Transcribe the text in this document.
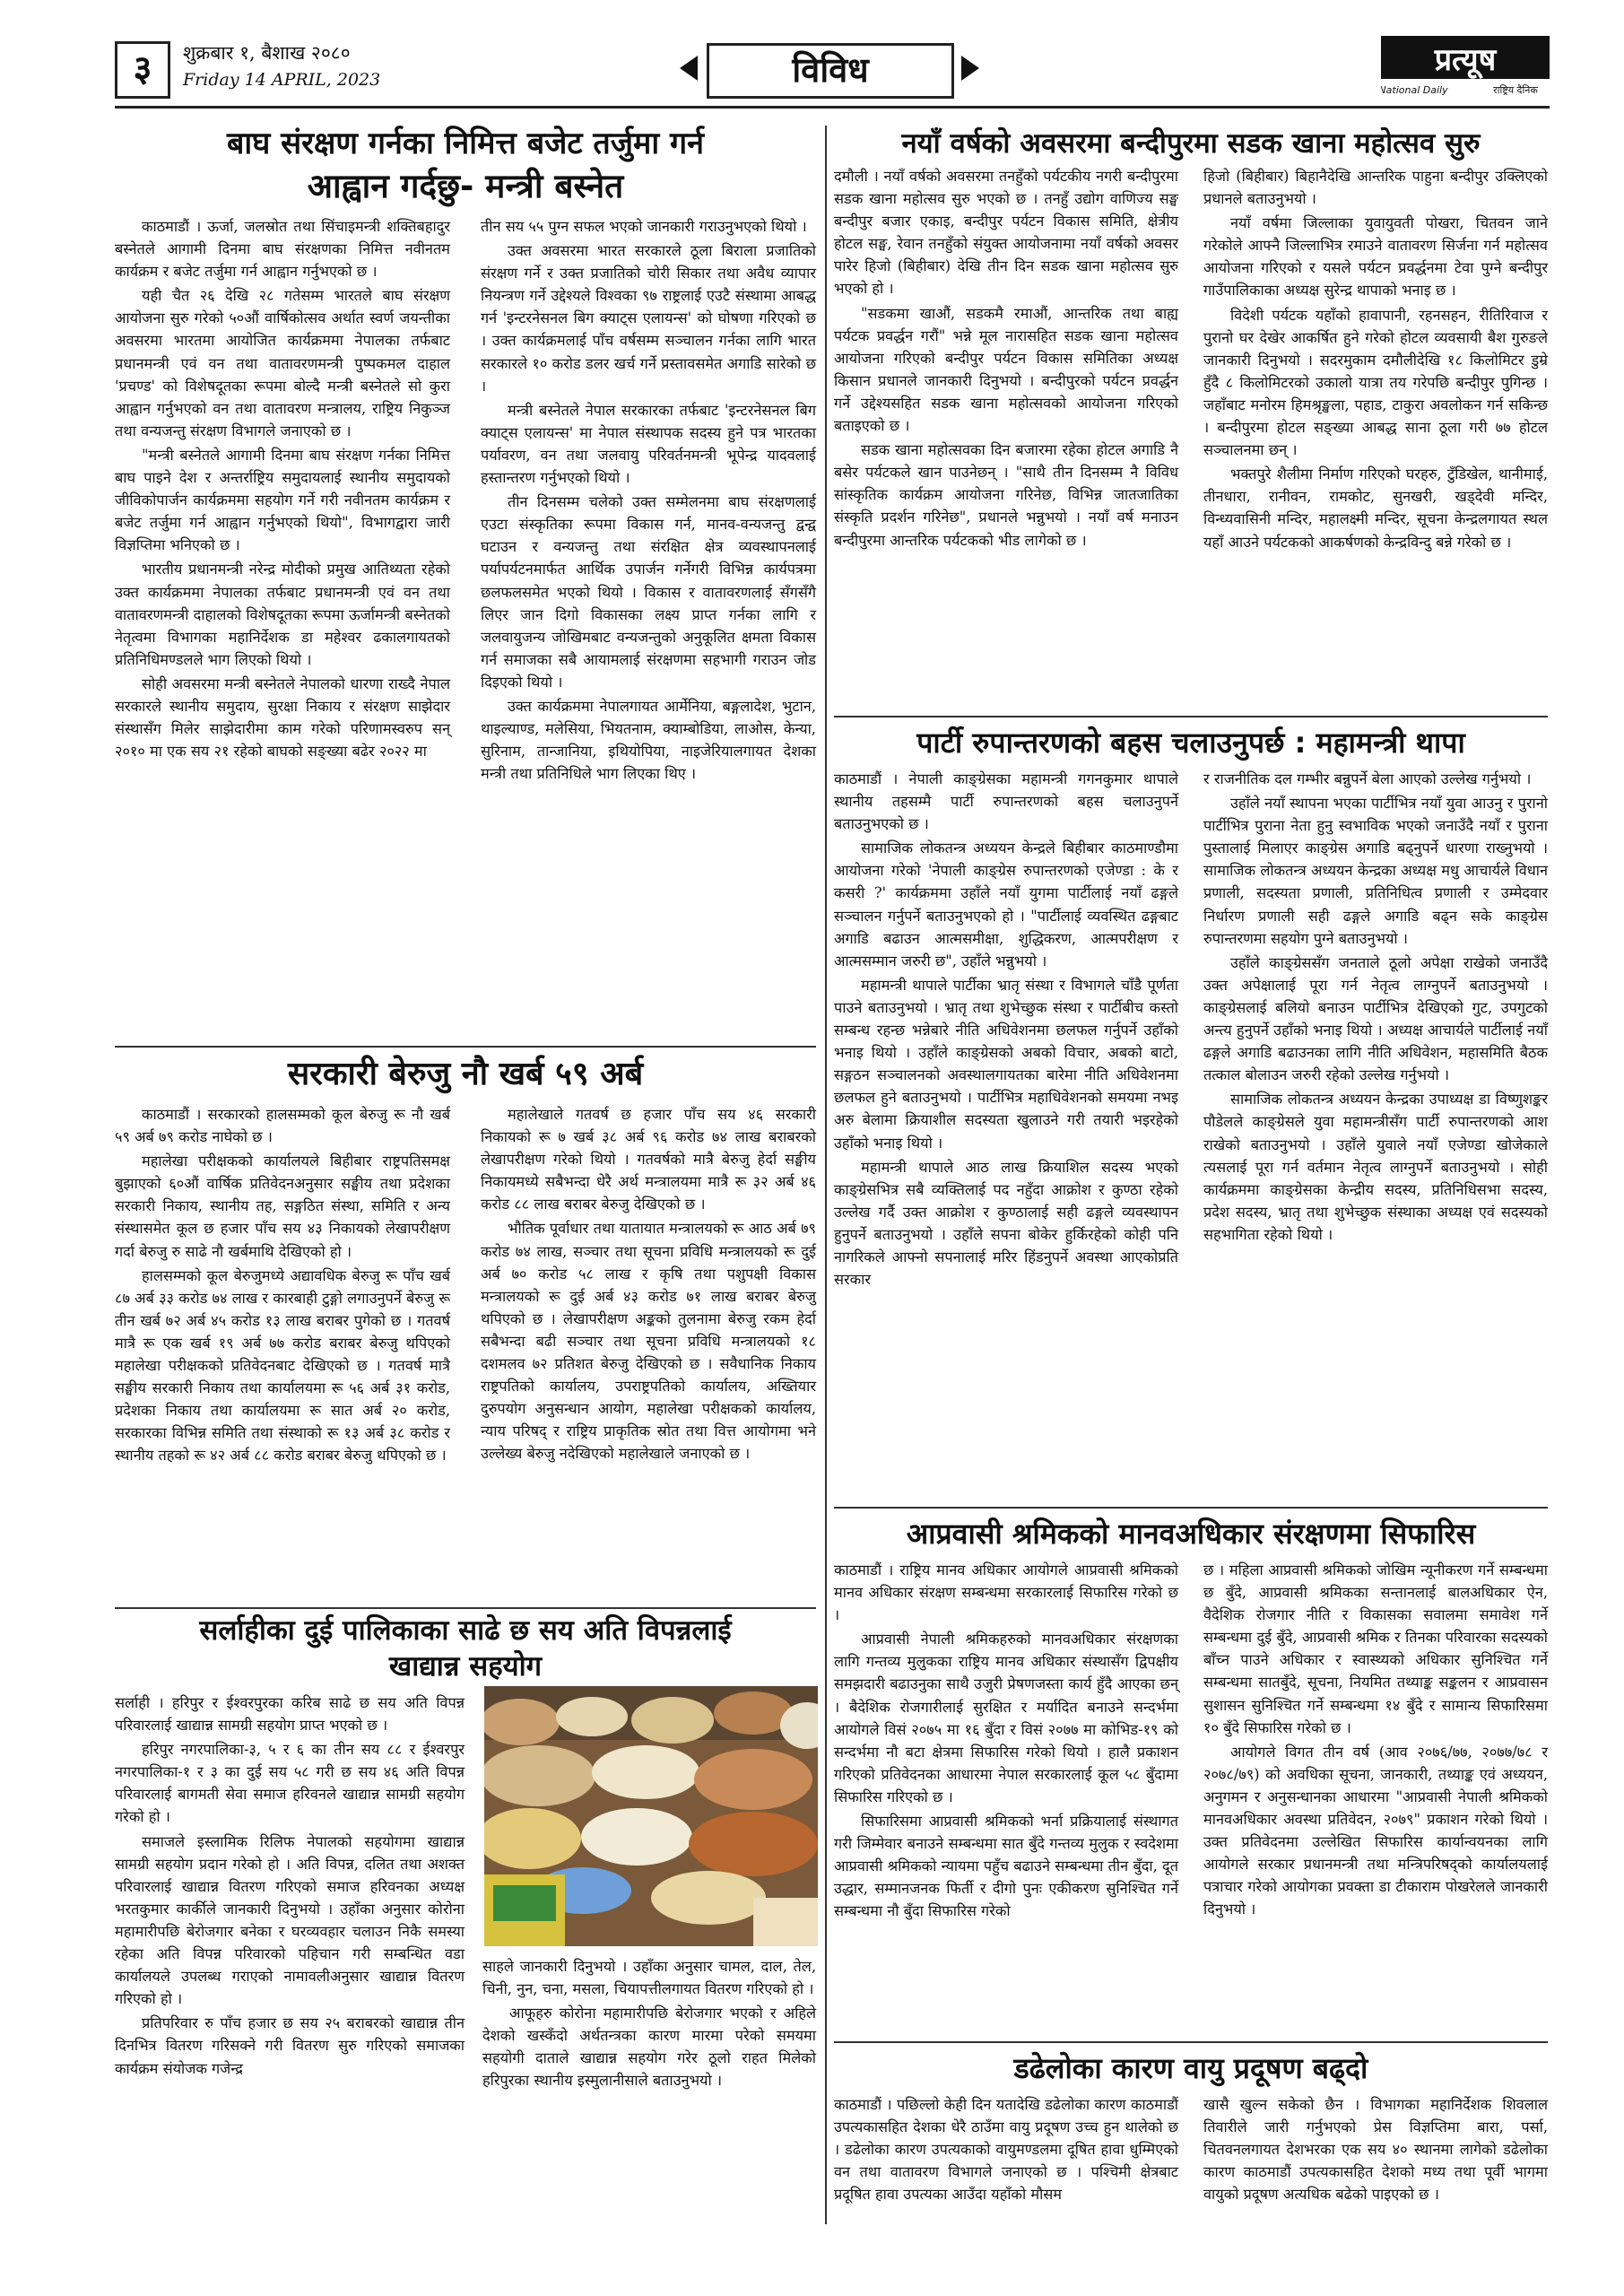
३	शुक्रबार १, बैशाख २०८०
Friday 14 APRIL, 2023	विविध	प्रत्यूष
National Daily	राष्ट्रिय दैनिक
बाघ संरक्षण गर्नका निमित्त बजेट तर्जुमा गर्न
आह्वान गर्दछु- मन्त्री बस्नेत

काठमाडौं । ऊर्जा, जलस्रोत तथा सिंचाइमन्त्री शक्तिबहादुर बस्नेतले आगामी दिनमा बाघ संरक्षणका निमित्त नवीनतम कार्यक्रम र बजेट तर्जुमा गर्न आह्वान गर्नुभएको छ ।

यही चैत २६ देखि २८ गतेसम्म भारतले बाघ संरक्षण आयोजना सुरु गरेको ५०औं वार्षिकोत्सव अर्थात स्वर्ण जयन्तीका अवसरमा भारतमा आयोजित कार्यक्रममा नेपालका तर्फबाट प्रधानमन्त्री एवं वन तथा वातावरणमन्त्री पुष्पकमल दाहाल 'प्रचण्ड' को विशेषदूतका रूपमा बोल्दै मन्त्री बस्नेतले सो कुरा आह्वान गर्नुभएको वन तथा वातावरण मन्त्रालय, राष्ट्रिय निकुञ्ज तथा वन्यजन्तु संरक्षण विभागले जनाएको छ ।

"मन्त्री बस्नेतले आगामी दिनमा बाघ संरक्षण गर्नका निमित्त बाघ पाइने देश र अन्तर्राष्ट्रिय समुदायलाई स्थानीय समुदायको जीविकोपार्जन कार्यक्रममा सहयोग गर्ने गरी नवीनतम कार्यक्रम र बजेट तर्जुमा गर्न आह्वान गर्नुभएको थियो", विभागद्वारा जारी विज्ञप्तिमा भनिएको छ ।

भारतीय प्रधानमन्त्री नरेन्द्र मोदीको प्रमुख आतिथ्यता रहेको उक्त कार्यक्रममा नेपालका तर्फबाट प्रधानमन्त्री एवं वन तथा वातावरणमन्त्री दाहालको विशेषदूतका रूपमा ऊर्जामन्त्री बस्नेतको नेतृत्वमा विभागका महानिर्देशक डा महेश्वर ढकालगायतको प्रतिनिधिमण्डलले भाग लिएको थियो ।

सोही अवसरमा मन्त्री बस्नेतले नेपालको धारणा राख्दै नेपाल सरकारले स्थानीय समुदाय, सुरक्षा निकाय र संरक्षण साझेदार संस्थासँग मिलेर साझेदारीमा काम गरेको परिणामस्वरुप सन् २०१० मा एक सय २१ रहेको बाघको सङ्ख्या बढेर २०२२ मा

तीन सय ५५ पुग्न सफल भएको जानकारी गराउनुभएको थियो ।

उक्त अवसरमा भारत सरकारले ठूला बिराला प्रजातिको संरक्षण गर्ने र उक्त प्रजातिको चोरी सिकार तथा अवैध व्यापार नियन्त्रण गर्ने उद्देश्यले विश्वका ९७ राष्ट्रलाई एउटै संस्थामा आबद्ध गर्न 'इन्टरनेसनल बिग क्याट्स एलायन्स' को घोषणा गरिएको छ । उक्त कार्यक्रमलाई पाँच वर्षसम्म सञ्चालन गर्नका लागि भारत सरकारले १० करोड डलर खर्च गर्ने प्रस्तावसमेत अगाडि सारेको छ ।

मन्त्री बस्नेतले नेपाल सरकारका तर्फबाट 'इन्टरनेसनल बिग क्याट्स एलायन्स' मा नेपाल संस्थापक सदस्य हुने पत्र भारतका पर्यावरण, वन तथा जलवायु परिवर्तनमन्त्री भूपेन्द्र यादवलाई हस्तान्तरण गर्नुभएको थियो ।

तीन दिनसम्म चलेको उक्त सम्मेलनमा बाघ संरक्षणलाई एउटा संस्कृतिका रूपमा विकास गर्न, मानव-वन्यजन्तु द्वन्द्व घटाउन र वन्यजन्तु तथा संरक्षित क्षेत्र व्यवस्थापनलाई पर्यापर्यटनमार्फत आर्थिक उपार्जन गर्नेगरी विभिन्न कार्यपत्रमा छलफलसमेत भएको थियो । विकास र वातावरणलाई सँगसँगै लिएर जान दिगो विकासका लक्ष्य प्राप्त गर्नका लागि र जलवायुजन्य जोखिमबाट वन्यजन्तुको अनुकूलित क्षमता विकास गर्न समाजका सबै आयामलाई संरक्षणमा सहभागी गराउन जोड दिइएको थियो ।

उक्त कार्यक्रममा नेपालगायत आर्मेनिया, बङ्गलादेश, भुटान, थाइल्याण्ड, मलेसिया, भियतनाम, क्याम्बोडिया, लाओस, केन्या, सुरिनाम, तान्जानिया, इथियोपिया, नाइजेरियालगायत देशका मन्त्री तथा प्रतिनिधिले भाग लिएका थिए ।

सरकारी बेरुजु नौ खर्ब ५९ अर्ब

काठमाडौं । सरकारको हालसम्मको कूल बेरुजु रू नौ खर्ब ५९ अर्ब ७९ करोड नाघेको छ ।

महालेखा परीक्षकको कार्यालयले बिहीबार राष्ट्रपतिसमक्ष बुझाएको ६०औं वार्षिक प्रतिवेदनअनुसार सङ्घीय तथा प्रदेशका सरकारी निकाय, स्थानीय तह, सङ्गठित संस्था, समिति र अन्य संस्थासमेत कूल छ हजार पाँच सय ४३ निकायको लेखापरीक्षण गर्दा बेरुजु रु साढे नौ खर्बमाथि देखिएको हो ।

हालसम्मको कूल बेरुजुमध्ये अद्यावधिक बेरुजु रू पाँच खर्ब ८७ अर्ब ३३ करोड ७४ लाख र कारबाही टुङ्गो लगाउनुपर्ने बेरुजु रू तीन खर्ब ७२ अर्ब ४५ करोड १३ लाख बराबर पुगेको छ । गतवर्ष मात्रै रू एक खर्ब १९ अर्ब ७७ करोड बराबर बेरुजु थपिएको महालेखा परीक्षकको प्रतिवेदनबाट देखिएको छ । गतवर्ष मात्रै सङ्घीय सरकारी निकाय तथा कार्यालयमा रू ५६ अर्ब ३१ करोड, प्रदेशका निकाय तथा कार्यालयमा रू सात अर्ब २० करोड, सरकारका विभिन्न समिति तथा संस्थाको रू १३ अर्ब ३८ करोड र स्थानीय तहको रू ४२ अर्ब ८८ करोड बराबर बेरुजु थपिएको छ ।

महालेखाले गतवर्ष छ हजार पाँच सय ४६ सरकारी निकायको रू ७ खर्ब ३८ अर्ब ९६ करोड ७४ लाख बराबरको लेखापरीक्षण गरेको थियो । गतवर्षको मात्रै बेरुजु हेर्दा सङ्घीय निकायमध्ये सबैभन्दा धेरै अर्थ मन्त्रालयमा मात्रै रू ३२ अर्ब ४६ करोड ८८ लाख बराबर बेरुजु देखिएको छ ।

भौतिक पूर्वाधार तथा यातायात मन्त्रालयको रू आठ अर्ब ७९ करोड ७४ लाख, सञ्चार तथा सूचना प्रविधि मन्त्रालयको रू दुई अर्ब ७० करोड ५८ लाख र कृषि तथा पशुपक्षी विकास मन्त्रालयको रू दुई अर्ब ४३ करोड ७१ लाख बराबर बेरुजु थपिएको छ । लेखापरीक्षण अङ्कको तुलनामा बेरुजु रकम हेर्दा सबैभन्दा बढी सञ्चार तथा सूचना प्रविधि मन्त्रालयको १८ दशमलव ७२ प्रतिशत बेरुजु देखिएको छ । सवैधानिक निकाय राष्ट्रपतिको कार्यालय, उपराष्ट्रपतिको कार्यालय, अख्तियार दुरुपयोग अनुसन्धान आयोग, महालेखा परीक्षकको कार्यालय, न्याय परिषद् र राष्ट्रिय प्राकृतिक स्रोत तथा वित्त आयोगमा भने उल्लेख्य बेरुजु नदेखिएको महालेखाले जनाएको छ ।

सर्लाहीका दुई पालिकाका साढे छ सय अति विपन्नलाई
खाद्यान्न सहयोग

सर्लाही । हरिपुर र ईश्वरपुरका करिब साढे छ सय अति विपन्न परिवारलाई खाद्यान्न सामग्री सहयोग प्राप्त भएको छ ।

हरिपुर नगरपालिका-३, ५ र ६ का तीन सय ८८ र ईश्वरपुर नगरपालिका-१ र ३ का दुई सय ५८ गरी छ सय ४६ अति विपन्न परिवारलाई बागमती सेवा समाज हरिवनले खाद्यान्न सामग्री सहयोग गरेको हो ।

समाजले इस्लामिक रिलिफ नेपालको सहयोगमा खाद्यान्न सामग्री सहयोग प्रदान गरेको हो । अति विपन्न, दलित तथा अशक्त परिवारलाई खाद्यान्न वितरण गरिएको समाज हरिवनका अध्यक्ष भरतकुमार कार्कीले जानकारी दिनुभयो । उहाँका अनुसार कोरोना महामारीपछि बेरोजगार बनेका र घरव्यवहार चलाउन निकै समस्या रहेका अति विपन्न परिवारको पहिचान गरी सम्बन्धित वडा कार्यालयले उपलब्ध गराएको नामावलीअनुसार खाद्यान्न वितरण गरिएको हो ।

प्रतिपरिवार रु पाँच हजार छ सय २५ बराबरको खाद्यान्न तीन दिनभित्र वितरण गरिसक्ने गरी वितरण सुरु गरिएको समाजका कार्यक्रम संयोजक गजेन्द्र

साहले जानकारी दिनुभयो । उहाँका अनुसार चामल, दाल, तेल, चिनी, नुन, चना, मसला, चियापत्तीलगायत वितरण गरिएको हो ।

आफूहरु कोरोना महामारीपछि बेरोजगार भएको र अहिले देशको खस्कँदो अर्थतन्त्रका कारण मारमा परेको समयमा सहयोगी दाताले खाद्यान्न सहयोग गरेर ठूलो राहत मिलेको हरिपुरका स्थानीय इस्मुलानीसाले बताउनुभयो ।

नयाँ वर्षको अवसरमा बन्दीपुरमा सडक खाना महोत्सव सुरु

दमौली । नयाँ वर्षको अवसरमा तनहुँको पर्यटकीय नगरी बन्दीपुरमा सडक खाना महोत्सव सुरु भएको छ । तनहुँ उद्योग वाणिज्य सङ्घ बन्दीपुर बजार एकाइ, बन्दीपुर पर्यटन विकास समिति, क्षेत्रीय होटल सङ्घ, रेवान तनहुँको संयुक्त आयोजनामा नयाँ वर्षको अवसर पारेर हिजो (बिहीबार) देखि तीन दिन सडक खाना महोत्सव सुरु भएको हो ।

"सडकमा खाऔं, सडकमै रमाऔं, आन्तरिक तथा बाह्य पर्यटक प्रवर्द्धन गरौं" भन्ने मूल नारासहित सडक खाना महोत्सव आयोजना गरिएको बन्दीपुर पर्यटन विकास समितिका अध्यक्ष किसान प्रधानले जानकारी दिनुभयो । बन्दीपुरको पर्यटन प्रवर्द्धन गर्ने उद्देश्यसहित सडक खाना महोत्सवको आयोजना गरिएको बताइएको छ ।

सडक खाना महोत्सवका दिन बजारमा रहेका होटल अगाडि नै बसेर पर्यटकले खान पाउनेछन् । "साथै तीन दिनसम्म नै विविध सांस्कृतिक कार्यक्रम आयोजना गरिनेछ, विभिन्न जातजातिका संस्कृति प्रदर्शन गरिनेछ", प्रधानले भन्नुभयो । नयाँ वर्ष मनाउन बन्दीपुरमा आन्तरिक पर्यटकको भीड लागेको छ ।

हिजो (बिहीबार) बिहानैदेखि आन्तरिक पाहुना बन्दीपुर उक्लिएको प्रधानले बताउनुभयो ।

नयाँ वर्षमा जिल्लाका युवायुवती पोखरा, चितवन जाने गरेकोले आफ्नै जिल्लाभित्र रमाउने वातावरण सिर्जना गर्न महोत्सव आयोजना गरिएको र यसले पर्यटन प्रवर्द्धनमा टेवा पुग्ने बन्दीपुर गाउँपालिकाका अध्यक्ष सुरेन्द्र थापाको भनाइ छ ।

विदेशी पर्यटक यहाँको हावापानी, रहनसहन, रीतिरिवाज र पुरानो घर देखेर आकर्षित हुने गरेको होटल व्यवसायी बैश गुरुङले जानकारी दिनुभयो । सदरमुकाम दमौलीदेखि १८ किलोमिटर डुम्रे हुँदै ८ किलोमिटरको उकालो यात्रा तय गरेपछि बन्दीपुर पुगिन्छ । जहाँबाट मनोरम हिमश्रृङ्खला, पहाड, टाकुरा अवलोकन गर्न सकिन्छ । बन्दीपुरमा होटल सङ्ख्या आबद्ध साना ठूला गरी ७७ होटल सञ्चालनमा छन् ।

भक्तपुरे शैलीमा निर्माण गरिएको घरहरु, टुँडिखेल, थानीमाई, तीनधारा, रानीवन, रामकोट, सुनखरी, खड्देवी मन्दिर, विन्ध्यवासिनी मन्दिर, महालक्ष्मी मन्दिर, सूचना केन्द्रलगायत स्थल यहाँ आउने पर्यटकको आकर्षणको केन्द्रविन्दु बन्ने गरेको छ ।

पार्टी रुपान्तरणको बहस चलाउनुपर्छ : महामन्त्री थापा

काठमाडौं । नेपाली काङ्ग्रेसका महामन्त्री गगनकुमार थापाले स्थानीय तहसम्मै पार्टी रुपान्तरणको बहस चलाउनुपर्ने बताउनुभएको छ ।

सामाजिक लोकतन्त्र अध्ययन केन्द्रले बिहीबार काठमाण्डौमा आयोजना गरेको 'नेपाली काङ्ग्रेस रुपान्तरणको एजेण्डा : के र कसरी ?' कार्यक्रममा उहाँले नयाँ युगमा पार्टीलाई नयाँ ढङ्गले सञ्चालन गर्नुपर्ने बताउनुभएको हो । "पार्टीलाई व्यवस्थित ढङ्गबाट अगाडि बढाउन आत्मसमीक्षा, शुद्धिकरण, आत्मपरीक्षण र आत्मसम्मान जरुरी छ", उहाँले भन्नुभयो ।

महामन्त्री थापाले पार्टीका भ्रातृ संस्था र विभागले चाँडै पूर्णता पाउने बताउनुभयो । भ्रातृ तथा शुभेच्छुक संस्था र पार्टीबीच कस्तो सम्बन्ध रहन्छ भन्नेबारे नीति अधिवेशनमा छलफल गर्नुपर्ने उहाँको भनाइ थियो । उहाँले काङ्ग्रेसको अबको विचार, अबको बाटो, सङ्गठन सञ्चालनको अवस्थालगायतका बारेमा नीति अधिवेशनमा छलफल हुने बताउनुभयो । पार्टीभित्र महाधिवेशनको समयमा नभइ अरु बेलामा क्रियाशील सदस्यता खुलाउने गरी तयारी भइरहेको उहाँको भनाइ थियो ।

महामन्त्री थापाले आठ लाख क्रियाशिल सदस्य भएको काङ्ग्रेसभित्र सबै व्यक्तिलाई पद नहुँदा आक्रोश र कुण्ठा रहेको उल्लेख गर्दै उक्त आक्रोश र कुण्ठालाई सही ढङ्गले व्यवस्थापन हुनुपर्ने बताउनुभयो । उहाँले सपना बोकेर हुर्किरहेको कोही पनि नागरिकले आफ्नो सपनालाई मरिर हिंडनुपर्ने अवस्था आएकोप्रति सरकार

र राजनीतिक दल गम्भीर बन्नुपर्ने बेला आएको उल्लेख गर्नुभयो ।

उहाँले नयाँ स्थापना भएका पार्टीभित्र नयाँ युवा आउनु र पुरानो पार्टीभित्र पुराना नेता हुनु स्वभाविक भएको जनाउँदै नयाँ र पुराना पुस्तालाई मिलाएर काङ्ग्रेस अगाडि बढ्नुपर्ने धारणा राख्नुभयो । सामाजिक लोकतन्त्र अध्ययन केन्द्रका अध्यक्ष मधु आचार्यले विधान प्रणाली, सदस्यता प्रणाली, प्रतिनिधित्व प्रणाली र उम्मेदवार निर्धारण प्रणाली सही ढङ्गले अगाडि बढ्न सके काङ्ग्रेस रुपान्तरणमा सहयोग पुग्ने बताउनुभयो ।

उहाँले काङ्ग्रेससँग जनताले ठूलो अपेक्षा राखेको जनाउँदै उक्त अपेक्षालाई पूरा गर्न नेतृत्व लाग्नुपर्ने बताउनुभयो । काङ्ग्रेसलाई बलियो बनाउन पार्टीभित्र देखिएको गुट, उपगुटको अन्त्य हुनुपर्ने उहाँको भनाइ थियो । अध्यक्ष आचार्यले पार्टीलाई नयाँ ढङ्गले अगाडि बढाउनका लागि नीति अधिवेशन, महासमिति बैठक तत्काल बोलाउन जरुरी रहेको उल्लेख गर्नुभयो ।

सामाजिक लोकतन्त्र अध्ययन केन्द्रका उपाध्यक्ष डा विष्णुशङ्कर पौडेलले काङ्ग्रेसले युवा महामन्त्रीसँग पार्टी रुपान्तरणको आश राखेको बताउनुभयो । उहाँले युवाले नयाँ एजेण्डा खोजेकाले त्यसलाई पूरा गर्न वर्तमान नेतृत्व लाग्नुपर्ने बताउनुभयो । सोही कार्यक्रममा काङ्ग्रेसका केन्द्रीय सदस्य, प्रतिनिधिसभा सदस्य, प्रदेश सदस्य, भ्रातृ तथा शुभेच्छुक संस्थाका अध्यक्ष एवं सदस्यको सहभागिता रहेको थियो ।

आप्रवासी श्रमिकको मानवअधिकार संरक्षणमा सिफारिस

काठमाडौं । राष्ट्रिय मानव अधिकार आयोगले आप्रवासी श्रमिकको मानव अधिकार संरक्षण सम्बन्धमा सरकारलाई सिफारिस गरेको छ ।

आप्रवासी नेपाली श्रमिकहरुको मानवअधिकार संरक्षणका लागि गन्तव्य मुलुकका राष्ट्रिय मानव अधिकार संस्थासँग द्विपक्षीय समझदारी बढाउनुका साथै उजुरी प्रेषणजस्ता कार्य हुँदै आएका छन् । बैदेशिक रोजगारीलाई सुरक्षित र मर्यादित बनाउने सन्दर्भमा आयोगले विसं २०७५ मा १६ बुँदा र विसं २०७७ मा कोभिड-१९ को सन्दर्भमा नौ बटा क्षेत्रमा सिफारिस गरेको थियो । हालै प्रकाशन गरिएको प्रतिवेदनका आधारमा नेपाल सरकारलाई कूल ५८ बुँदामा सिफारिस गरिएको छ ।

सिफारिसमा आप्रवासी श्रमिकको भर्ना प्रक्रियालाई संस्थागत गरी जिम्मेवार बनाउने सम्बन्धमा सात बुँदे गन्तव्य मुलुक र स्वदेशमा आप्रवासी श्रमिकको न्यायमा पहुँच बढाउने सम्बन्धमा तीन बुँदा, दूत उद्धार, सम्मानजनक फिर्ती र दीगो पुनः एकीकरण सुनिश्चित गर्ने सम्बन्धमा नौ बुँदा सिफारिस गरेको

छ । महिला आप्रवासी श्रमिकको जोखिम न्यूनीकरण गर्ने सम्बन्धमा छ बुँदे, आप्रवासी श्रमिकका सन्तानलाई बालअधिकार ऐन, वैदेशिक रोजगार नीति र विकासका सवालमा समावेश गर्ने सम्बन्धमा दुई बुँदे, आप्रवासी श्रमिक र तिनका परिवारका सदस्यको बाँच्न पाउने अधिकार र स्वास्थ्यको अधिकार सुनिश्चित गर्ने सम्बन्धमा सातबुँदे, सूचना, नियमित तथ्याङ्क सङ्कलन र आप्रवासन सुशासन सुनिश्चित गर्ने सम्बन्धमा १४ बुँदे र सामान्य सिफारिसमा १० बुँदे सिफारिस गरेको छ ।

आयोगले विगत तीन वर्ष (आव २०७६/७७, २०७७/७८ र २०७८/७९) को अवधिका सूचना, जानकारी, तथ्याङ्क एवं अध्ययन, अनुगमन र अनुसन्धानका आधारमा "आप्रवासी नेपाली श्रमिकको मानवअधिकार अवस्था प्रतिवेदन, २०७९" प्रकाशन गरेको थियो । उक्त प्रतिवेदनमा उल्लेखित सिफारिस कार्यान्वयनका लागि आयोगले सरकार प्रधानमन्त्री तथा मन्त्रिपरिषद्को कार्यालयलाई पत्राचार गरेको आयोगका प्रवक्ता डा टीकाराम पोखरेलले जानकारी दिनुभयो ।

डढेलोका कारण वायु प्रदूषण बढ्दो

काठमाडौं । पछिल्लो केही दिन यतादेखि डढेलोका कारण काठमाडौं उपत्यकासहित देशका धेरै ठाउँमा वायु प्रदूषण उच्च हुन थालेको छ । डढेलोका कारण उपत्यकाको वायुमण्डलमा दूषित हावा धुम्मिएको वन तथा वातावरण विभागले जनाएको छ । पश्चिमी क्षेत्रबाट प्रदूषित हावा उपत्यका आउँदा यहाँको मौसम

खासै खुल्न सकेको छैन । विभागका महानिर्देशक शिवलाल तिवारीले जारी गर्नुभएको प्रेस विज्ञप्तिमा बारा, पर्सा, चितवनलगायत देशभरका एक सय ४० स्थानमा लागेको डढेलोका कारण काठमाडौं उपत्यकासहित देशको मध्य तथा पूर्वी भागमा वायुको प्रदूषण अत्यधिक बढेको पाइएको छ ।
